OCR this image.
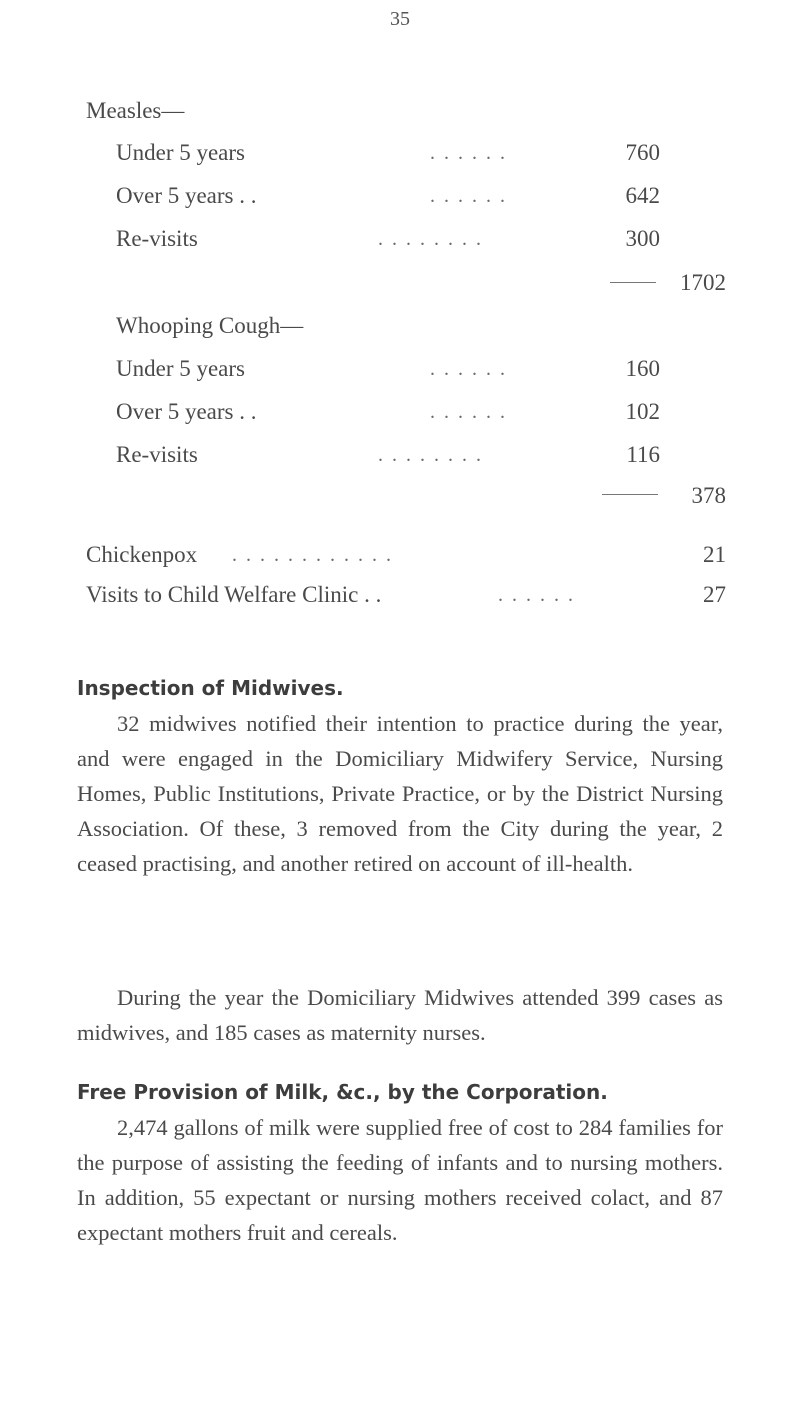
35
Measles—
Under 5 years	. . . . . .	760
Over 5 years . .	. . . . . .	642
Re-visits	. . . . . . . .	300
1702
Whooping Cough—
Under 5 years	. . . . . .	160
Over 5 years . .	. . . . . .	102
Re-visits	. . . . . . . .	116
378
Chickenpox . . . . . . . . . . . .	21
Visits to Child Welfare Clinic . .	. . . . . .	27
Inspection of Midwives.
32 midwives notified their intention to practice during the year, and were engaged in the Domiciliary Midwifery Service, Nursing Homes, Public Institutions, Private Practice, or by the District Nursing Association. Of these, 3 removed from the City during the year, 2 ceased practising, and another retired on account of ill-health.
During the year the Domiciliary Midwives attended 399 cases as midwives, and 185 cases as maternity nurses.
Free Provision of Milk, &c., by the Corporation.
2,474 gallons of milk were supplied free of cost to 284 families for the purpose of assisting the feeding of infants and to nursing mothers. In addition, 55 expectant or nursing mothers received colact, and 87 expectant mothers fruit and cereals.
